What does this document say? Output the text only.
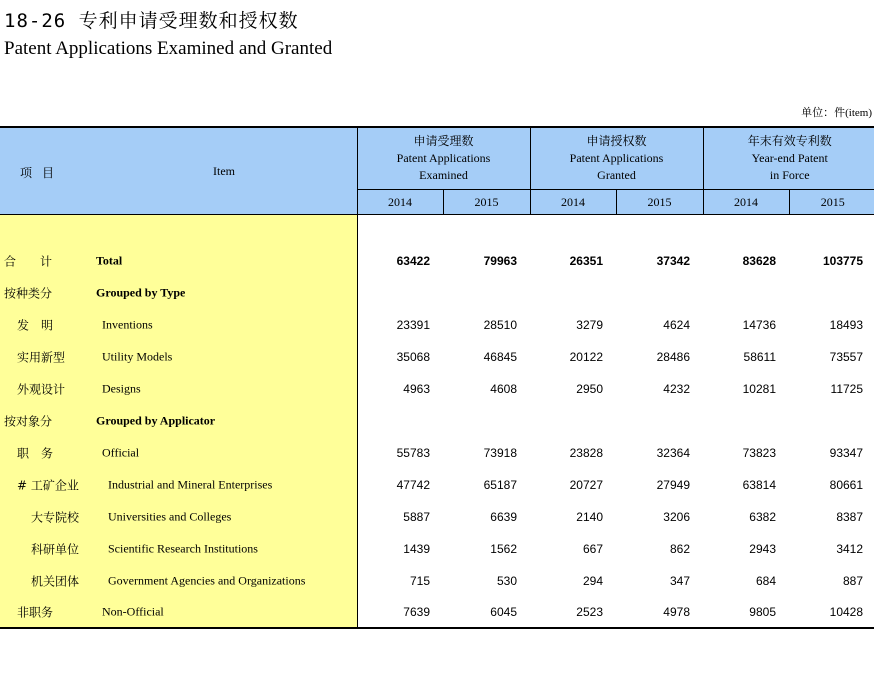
18-26 专利申请受理数和授权数
Patent Applications Examined and Granted
单位：件(item)
项目 Item	申请受理数
Patent Applications
Examined		申请授权数
Patent Applications
Granted		年末有效专利数
Year-end Patent
in Force	

	2014	2015	2014	2015	2014	2015

合　　计 Total	63422	79963	26351	37342	83628	103775

按种类分 Grouped by Type						

发　明 Inventions	23391	28510	3279	4624	14736	18493

实用新型 Utility Models	35068	46845	20122	28486	58611	73557

外观设计 Designs	4963	4608	2950	4232	10281	11725

按对象分 Grouped by Applicator						

职　务 Official	55783	73918	23828	32364	73823	93347

# 工矿企业 Industrial and Mineral Enterprises	47742	65187	20727	27949	63814	80661

大专院校 Universities and Colleges	5887	6639	2140	3206	6382	8387

科研单位 Scientific Research Institutions	1439	1562	667	862	2943	3412

机关团体 Government Agencies and Organizations	715	530	294	347	684	887

非职务 Non-Official	7639	6045	2523	4978	9805	10428
